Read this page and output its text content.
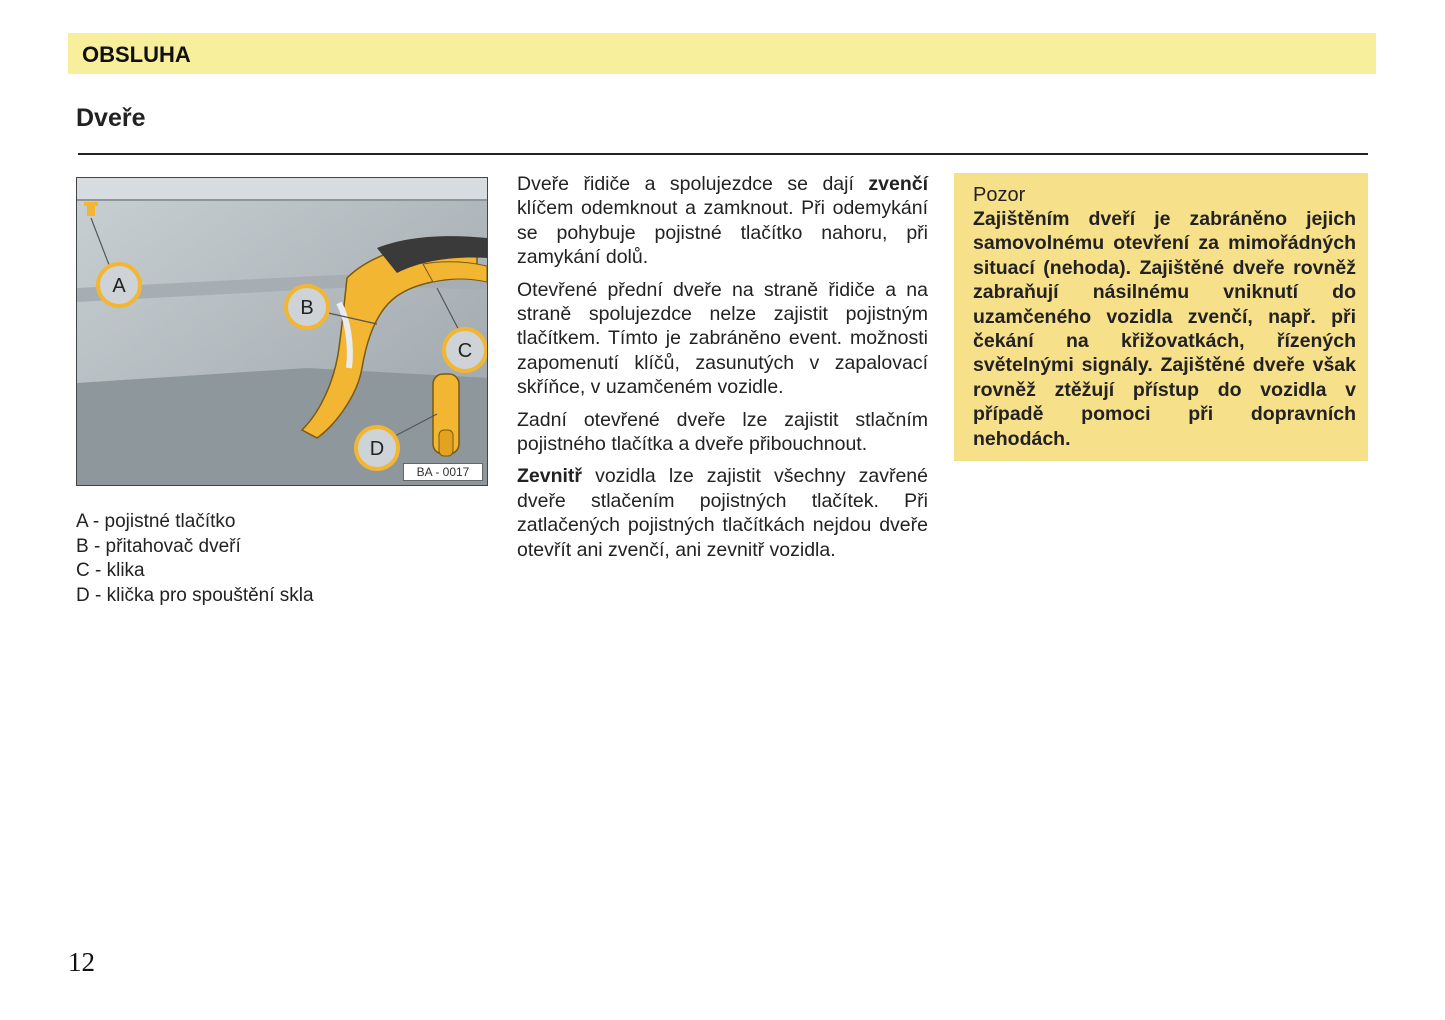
OBSLUHA
Dveře
A
B
C
D
BA - 0017
A - pojistné tlačítko
B - přitahovač dveří
C - klika
D - klička pro spouštění skla

Dveře řidiče a spolujezdce se dají zvenčí klíčem odemknout a zamknout. Při odemykání se pohybuje pojistné tlačítko nahoru, při zamykání dolů.

Otevřené přední dveře na straně řidiče a na straně spolujezdce nelze zajistit pojistným tlačítkem. Tímto je zabráněno event. možnosti zapomenutí klíčů, zasunutých v zapalovací skříňce, v uzamčeném vozidle.

Zadní otevřené dveře lze zajistit stlačním pojistného tlačítka a dveře přibouchnout.

Zevnitř vozidla lze zajistit všechny zavřené dveře stlačením pojistných tlačítek. Při zatlačených pojistných tlačítkách nejdou dveře otevřít ani zvenčí, ani zevnitř vozidla.

Pozor
Zajištěním dveří je zabráněno jejich samovolnému otevření za mimořádných situací (nehoda). Zajištěné dveře rovněž zabraňují násilnému vniknutí do uzamčeného vozidla zvenčí, např. při čekání na křižovatkách, řízených světelnými signály. Zajištěné dveře však rovněž ztěžují přístup do vozidla v případě pomoci při dopravních nehodách.
12
